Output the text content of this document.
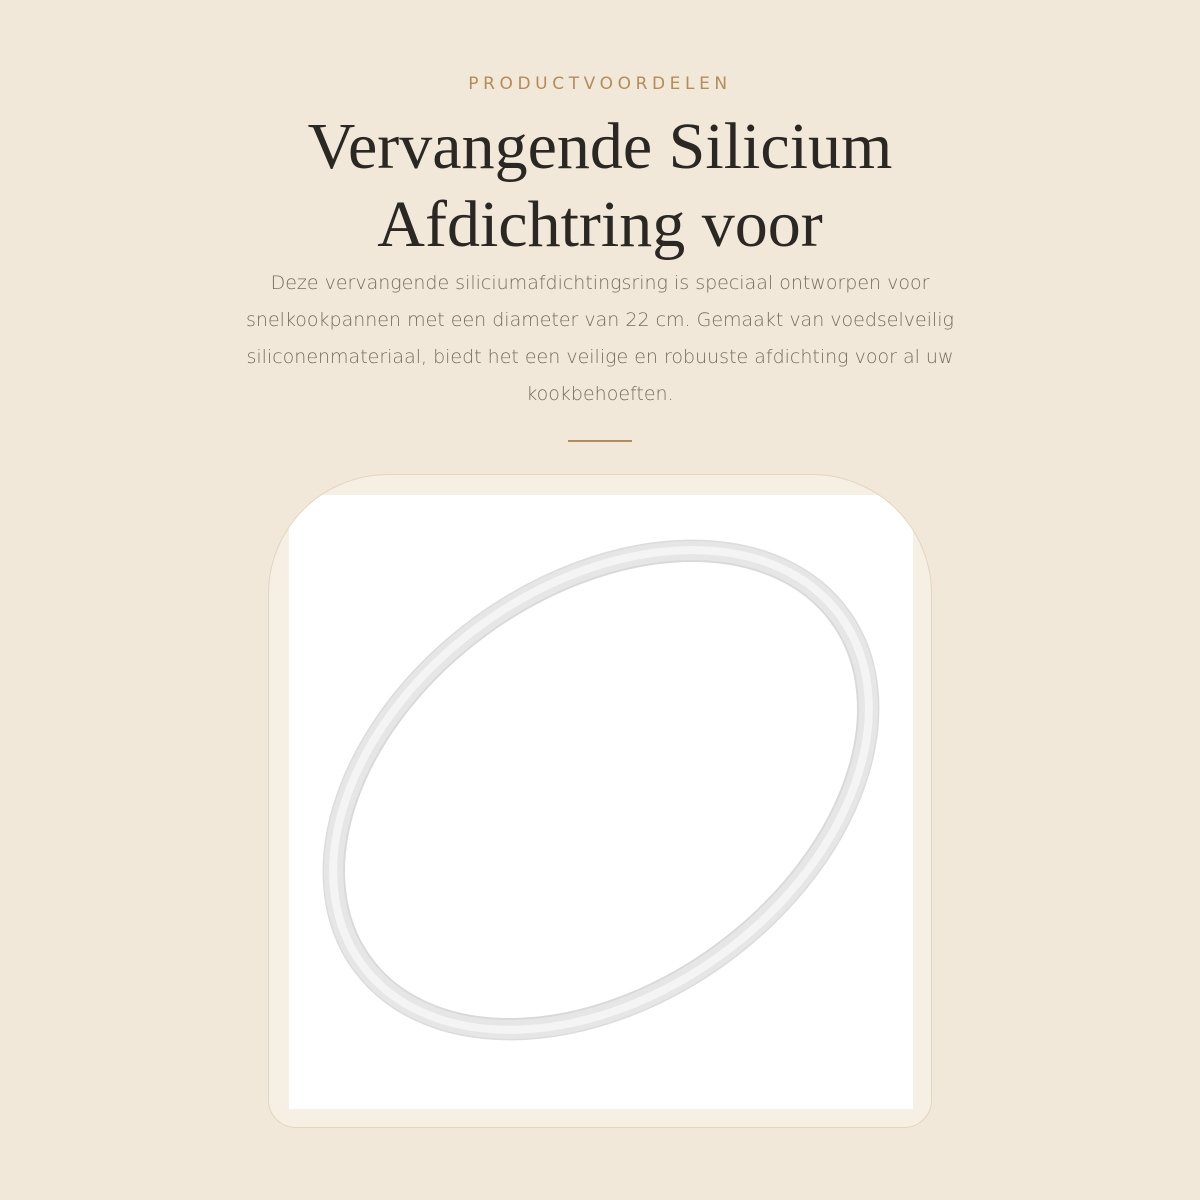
PRODUCTVOORDELEN
Vervangende Silicium Afdichtring voor

Deze vervangende siliciumafdichtingsring is speciaal ontworpen voor snelkookpannen met een diameter van 22 cm. Gemaakt van voedselveilig siliconenmateriaal, biedt het een veilige en robuuste afdichting voor al uw kookbehoeften.
